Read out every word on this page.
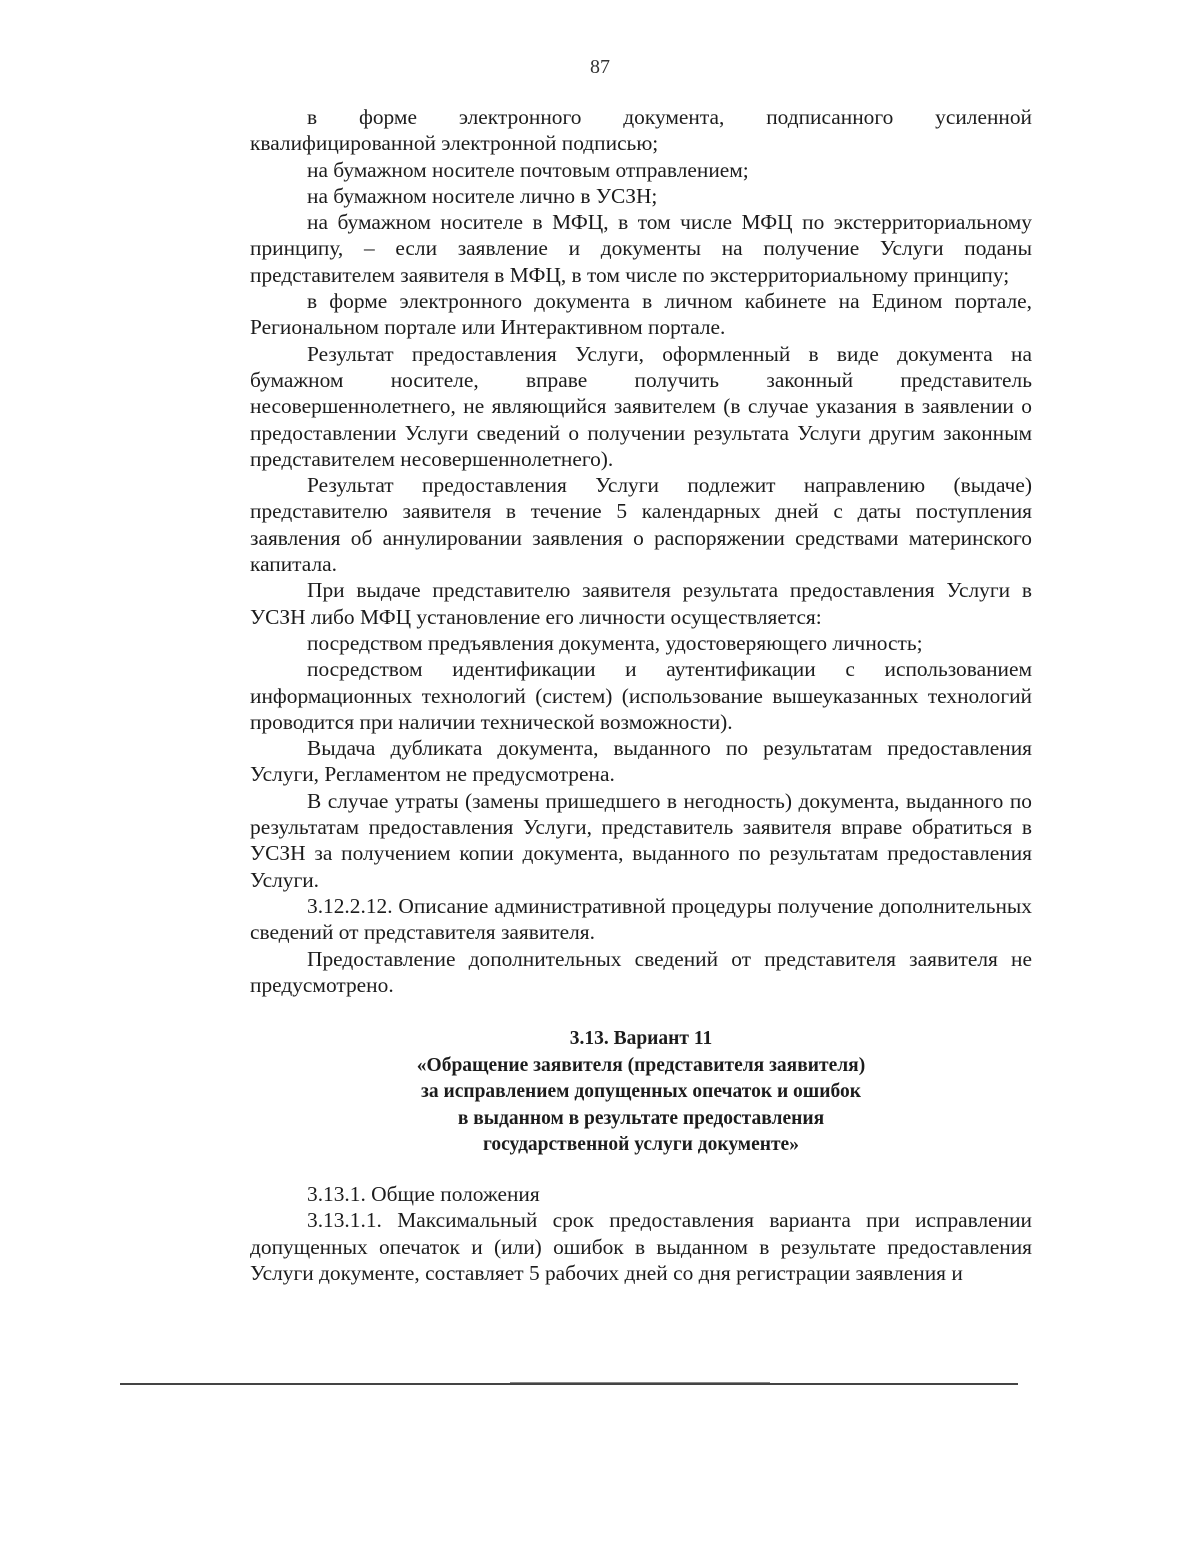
87

в форме электронного документа, подписанного усиленной квалифицированной электронной подписью;

на бумажном носителе почтовым отправлением;

на бумажном носителе лично в УСЗН;

на бумажном носителе в МФЦ, в том числе МФЦ по экстерриториальному принципу, – если заявление и документы на получение Услуги поданы представителем заявителя в МФЦ, в том числе по экстерриториальному принципу;

в форме электронного документа в личном кабинете на Едином портале, Региональном портале или Интерактивном портале.

Результат предоставления Услуги, оформленный в виде документа на бумажном носителе, вправе получить законный представитель несовершеннолетнего, не являющийся заявителем (в случае указания в заявлении о предоставлении Услуги сведений о получении результата Услуги другим законным представителем несовершеннолетнего).

Результат предоставления Услуги подлежит направлению (выдаче) представителю заявителя в течение 5 календарных дней с даты поступления заявления об аннулировании заявления о распоряжении средствами материнского капитала.

При выдаче представителю заявителя результата предоставления Услуги в УСЗН либо МФЦ установление его личности осуществляется:

посредством предъявления документа, удостоверяющего личность;

посредством идентификации и аутентификации с использованием информационных технологий (систем) (использование вышеуказанных технологий проводится при наличии технической возможности).

Выдача дубликата документа, выданного по результатам предоставления Услуги, Регламентом не предусмотрена.

В случае утраты (замены пришедшего в негодность) документа, выданного по результатам предоставления Услуги, представитель заявителя вправе обратиться в УСЗН за получением копии документа, выданного по результатам предоставления Услуги.

3.12.2.12. Описание административной процедуры получение дополнительных сведений от представителя заявителя.

Предоставление дополнительных сведений от представителя заявителя не предусмотрено.

3.13. Вариант 11
«Обращение заявителя (представителя заявителя)
за исправлением допущенных опечаток и ошибок
в выданном в результате предоставления
государственной услуги документе»

3.13.1. Общие положения

3.13.1.1. Максимальный срок предоставления варианта при исправлении допущенных опечаток и (или) ошибок в выданном в результате предоставления Услуги документе, составляет 5 рабочих дней со дня регистрации заявления и
